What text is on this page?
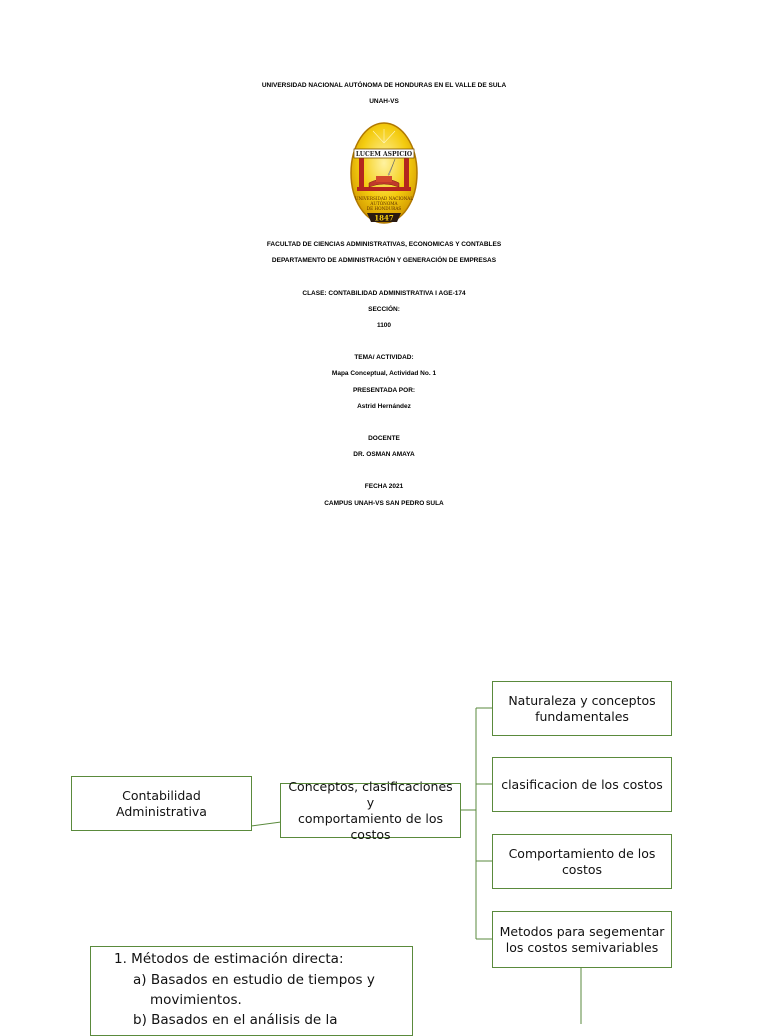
UNIVERSIDAD NACIONAL AUTÓNOMA DE HONDURAS EN EL VALLE DE SULA
UNAH-VS
LUCEM ASPICIO
UNIVERSIDAD NACIONAL
AUTÓNOMA
DE HONDURAS
1847
FACULTAD DE CIENCIAS ADMINISTRATIVAS, ECONOMICAS Y CONTABLES
DEPARTAMENTO DE ADMINISTRACIÓN Y GENERACIÓN DE EMPRESAS
CLASE: CONTABILIDAD ADMINISTRATIVA I AGE-174
SECCIÓN:
1100
TEMA/ ACTIVIDAD:
Mapa Conceptual, Actividad No. 1
PRESENTADA POR:
Astrid Hernández
DOCENTE
DR. OSMAN AMAYA
FECHA 2021
CAMPUS UNAH-VS SAN PEDRO SULA
Contabilidad Administrativa
Conceptos, clasificaciones y
comportamiento de los
costos
Naturaleza y conceptos
fundamentales
clasificacion de los costos
Comportamiento de los
costos
Metodos para segementar
los costos semivariables
1. Métodos de estimación directa:
a) Basados en estudio de tiempos y
movimientos.
b) Basados en el análisis de la
